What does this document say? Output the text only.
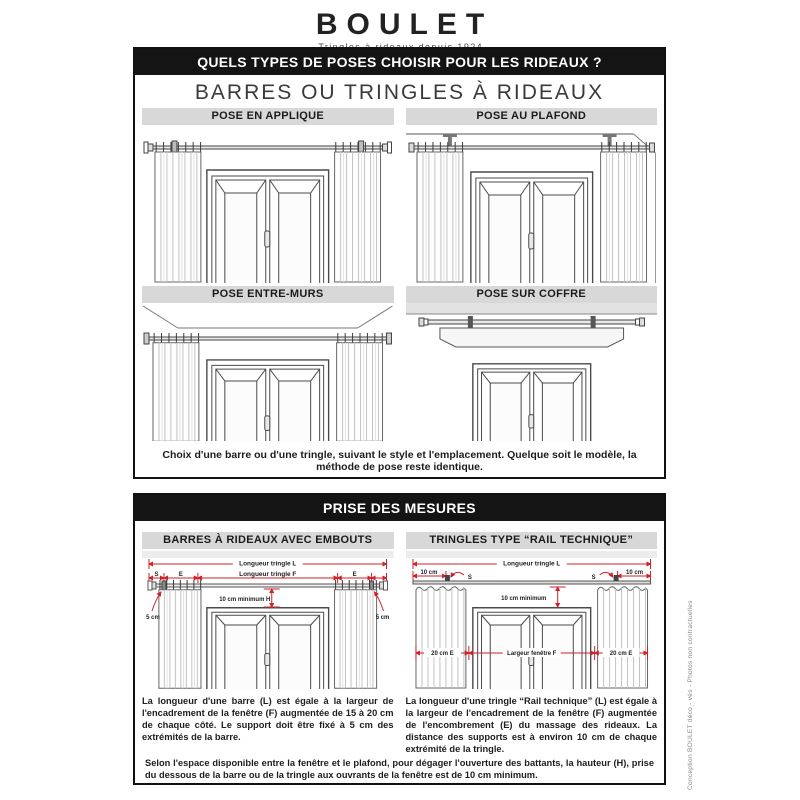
BOULET
QUELS TYPES DE POSES CHOISIR POUR LES RIDEAUX ?
BARRES OU TRINGLES À RIDEAUX
POSE EN APPLIQUE	POSE AU PLAFOND
POSE ENTRE-MURS	POSE SUR COFFRE
Choix d'une barre ou d'une tringle, suivant le style et l'emplacement. Quelque soit le modèle, la méthode de pose reste identique.
PRISE DES MESURES
BARRES À RIDEAUX AVEC EMBOUTS
Longueur tringle L
S	E	Longueur tringle F	E
10 cm minimum H
5 cm	5 cm
La longueur d'une barre (L) est égale à la largeur de l'encadrement de la fenêtre (F) augmentée de 15 à 20 cm de chaque côté. Le support doit être fixé à 5 cm des extrémités de la barre.
TRINGLES TYPE “RAIL TECHNIQUE”
Longueur tringle L
10 cm	10 cm
S	S
10 cm minimum
20 cm E	Largeur fenêtre F	20 cm E
La longueur d'une tringle “Rail technique” (L) est égale à la largeur de l'encadrement de la fenêtre (F) augmentée de l'encombrement (E) du massage des rideaux. La distance des supports est à environ 10 cm de chaque extrémité de la tringle.
Selon l'espace disponible entre la fenêtre et le plafond, pour dégager l'ouverture des battants, la hauteur (H), prise du dessous de la barre ou de la tringle aux ouvrants de la fenêtre est de 10 cm minimum.	Conception BOULET déco - vés - Photos non contractuelles
